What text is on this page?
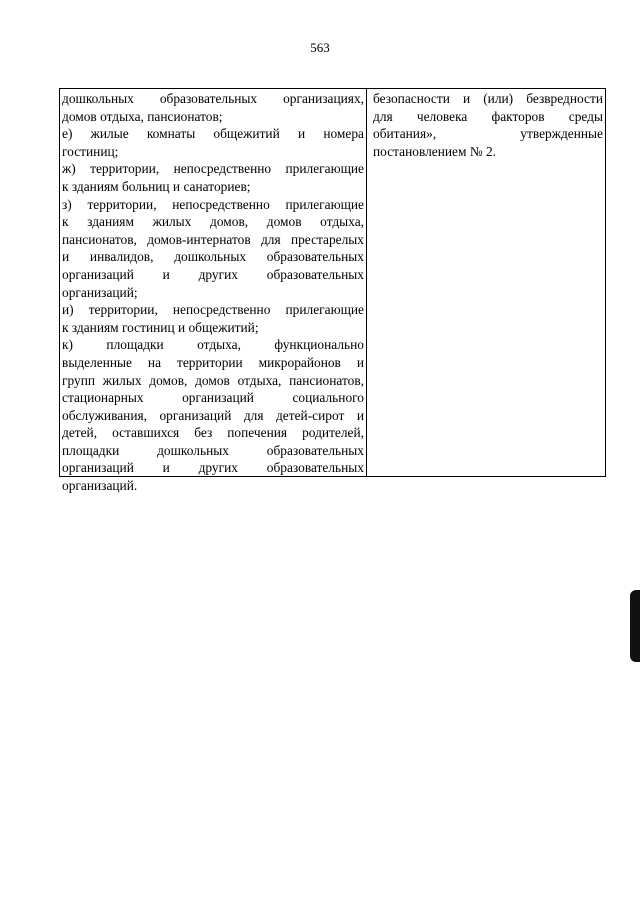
563
дошкольных образовательных организациях,
домов отдыха, пансионатов;
е) жилые комнаты общежитий и номера
гостиниц;
ж) территории, непосредственно прилегающие
к зданиям больниц и санаториев;
з) территории, непосредственно прилегающие
к зданиям жилых домов, домов отдыха,
пансионатов, домов-интернатов для престарелых
и инвалидов, дошкольных образовательных
организаций и других образовательных
организаций;
и) территории, непосредственно прилегающие
к зданиям гостиниц и общежитий;
к) площадки отдыха, функционально
выделенные на территории микрорайонов и
групп жилых домов, домов отдыха, пансионатов,
стационарных организаций социального
обслуживания, организаций для детей-сирот и
детей, оставшихся без попечения родителей,
площадки дошкольных образовательных
организаций и других образовательных
организаций.
безопасности и (или) безвредности
для человека факторов среды
обитания», утвержденные
постановлением № 2.
